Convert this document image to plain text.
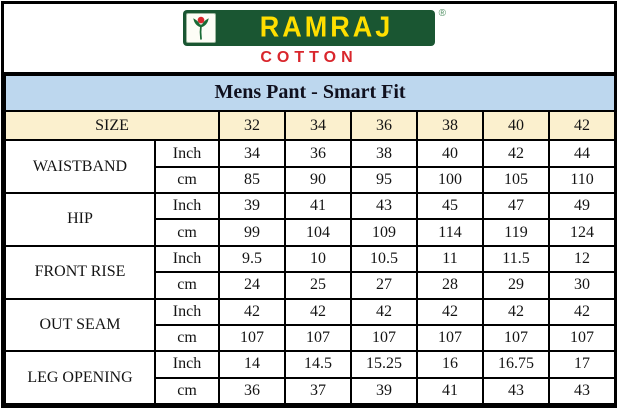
RAMRAJ	®
COTTON
Mens Pant - Smart Fit							
SIZE		32	34	36	38	40	42
WAISTBAND	Inch	34	36	38	40	42	44
	cm	85	90	95	100	105	110
HIP	Inch	39	41	43	45	47	49
	cm	99	104	109	114	119	124
FRONT RISE	Inch	9.5	10	10.5	11	11.5	12
	cm	24	25	27	28	29	30
OUT SEAM	Inch	42	42	42	42	42	42
	cm	107	107	107	107	107	107
LEG OPENING	Inch	14	14.5	15.25	16	16.75	17
	cm	36	37	39	41	43	43
